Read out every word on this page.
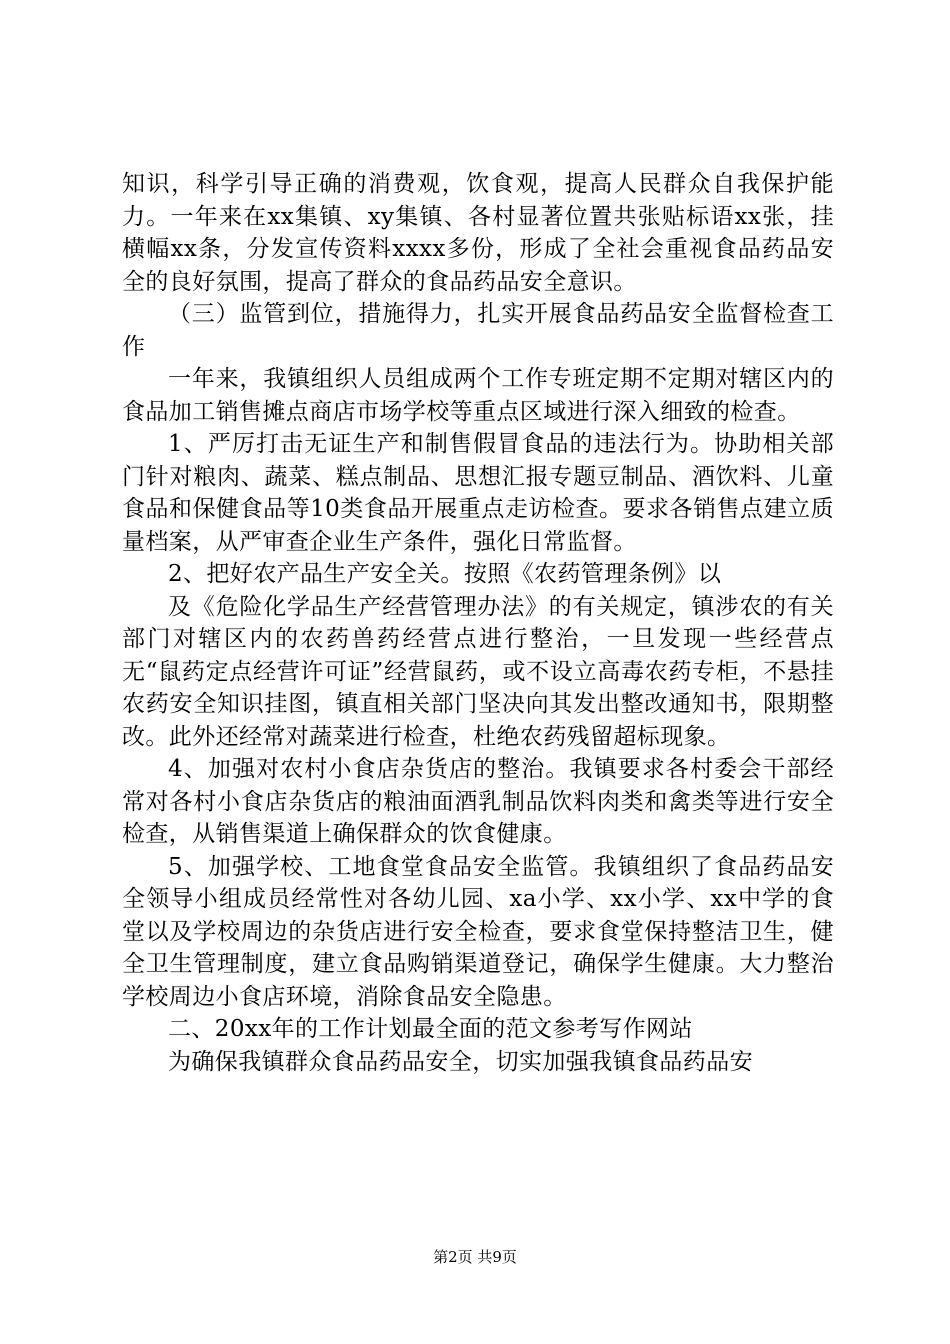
知识，科学引导正确的消费观，饮食观，提高人民群众自我保护能力。一年来在xx集镇、xy集镇、各村显著位置共张贴标语xx张，挂横幅xx条，分发宣传资料xxxx多份，形成了全社会重视食品药品安全的良好氛围，提高了群众的食品药品安全意识。

（三）监管到位，措施得力，扎实开展食品药品安全监督检查工作

一年来，我镇组织人员组成两个工作专班定期不定期对辖区内的食品加工销售摊点商店市场学校等重点区域进行深入细致的检查。

1、严厉打击无证生产和制售假冒食品的违法行为。协助相关部门针对粮肉、蔬菜、糕点制品、思想汇报专题豆制品、酒饮料、儿童食品和保健食品等10类食品开展重点走访检查。要求各销售点建立质量档案，从严审查企业生产条件，强化日常监督。

2、把好农产品生产安全关。按照《农药管理条例》以

及《危险化学品生产经营管理办法》的有关规定，镇涉农的有关部门对辖区内的农药兽药经营点进行整治，一旦发现一些经营点无“鼠药定点经营许可证”经营鼠药，或不设立高毒农药专柜，不悬挂农药安全知识挂图，镇直相关部门坚决向其发出整改通知书，限期整改。此外还经常对蔬菜进行检查，杜绝农药残留超标现象。

4、加强对农村小食店杂货店的整治。我镇要求各村委会干部经常对各村小食店杂货店的粮油面酒乳制品饮料肉类和禽类等进行安全检查，从销售渠道上确保群众的饮食健康。

5、加强学校、工地食堂食品安全监管。我镇组织了食品药品安全领导小组成员经常性对各幼儿园、xa小学、xx小学、xx中学的食堂以及学校周边的杂货店进行安全检查，要求食堂保持整洁卫生，健全卫生管理制度，建立食品购销渠道登记，确保学生健康。大力整治学校周边小食店环境，消除食品安全隐患。

二、20xx年的工作计划最全面的范文参考写作网站

为确保我镇群众食品药品安全，切实加强我镇食品药品安

第2页 共9页
